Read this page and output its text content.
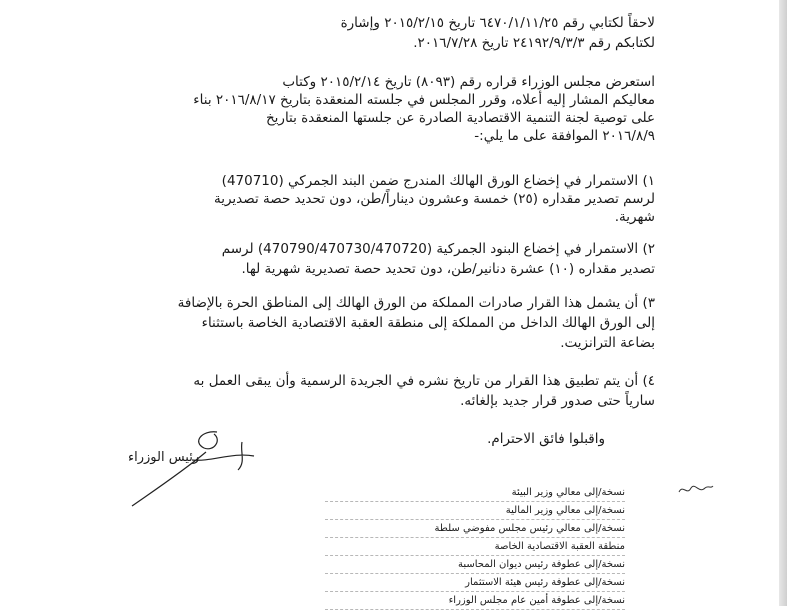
لاحقاً لكتابي رقم ٦٤٧٠/١/١١/٢٥ تاريخ ٢٠١٥/٢/١٥ وإشارة
لكتابكم رقم ٢٤١٩٢/٩/٣/٣ تاريخ ٢٠١٦/٧/٢٨.
استعرض مجلس الوزراء قراره رقم (٨٠٩٣) تاريخ ٢٠١٥/٢/١٤ وكتاب
معاليكم المشار إليه أعلاه، وقرر المجلس في جلسته المنعقدة بتاريخ ٢٠١٦/٨/١٧ بناء
على توصية لجنة التنمية الاقتصادية الصادرة عن جلستها المنعقدة بتاريخ
٢٠١٦/٨/٩ الموافقة على ما يلي:-
١) الاستمرار في إخضاع الورق الهالك المندرج ضمن البند الجمركي (470710)
لرسم تصدير مقداره (٢٥) خمسة وعشرون ديناراً/طن، دون تحديد حصة تصديرية
شهرية.
٢) الاستمرار في إخضاع البنود الجمركية (470790/470730/470720) لرسم
تصدير مقداره (١٠) عشرة دنانير/طن، دون تحديد حصة تصديرية شهرية لها.
٣) أن يشمل هذا القرار صادرات المملكة من الورق الهالك إلى المناطق الحرة بالإضافة
إلى الورق الهالك الداخل من المملكة إلى منطقة العقبة الاقتصادية الخاصة باستثناء
بضاعة الترانزيت.
٤) أن يتم تطبيق هذا القرار من تاريخ نشره في الجريدة الرسمية وأن يبقى العمل به
سارياً حتى صدور قرار جديد بإلغائه.
واقبلوا فائق الاحترام.
رئيس الوزراء
نسخة/إلى معالي وزير البيئة
نسخة/إلى معالي وزير المالية
نسخة/إلى معالي رئيس مجلس مفوضي سلطة
منطقة العقبة الاقتصادية الخاصة
نسخة/إلى عطوفة رئيس ديوان المحاسبة
نسخة/إلى عطوفة رئيس هيئة الاستثمار
نسخة/إلى عطوفة أمين عام مجلس الوزراء
